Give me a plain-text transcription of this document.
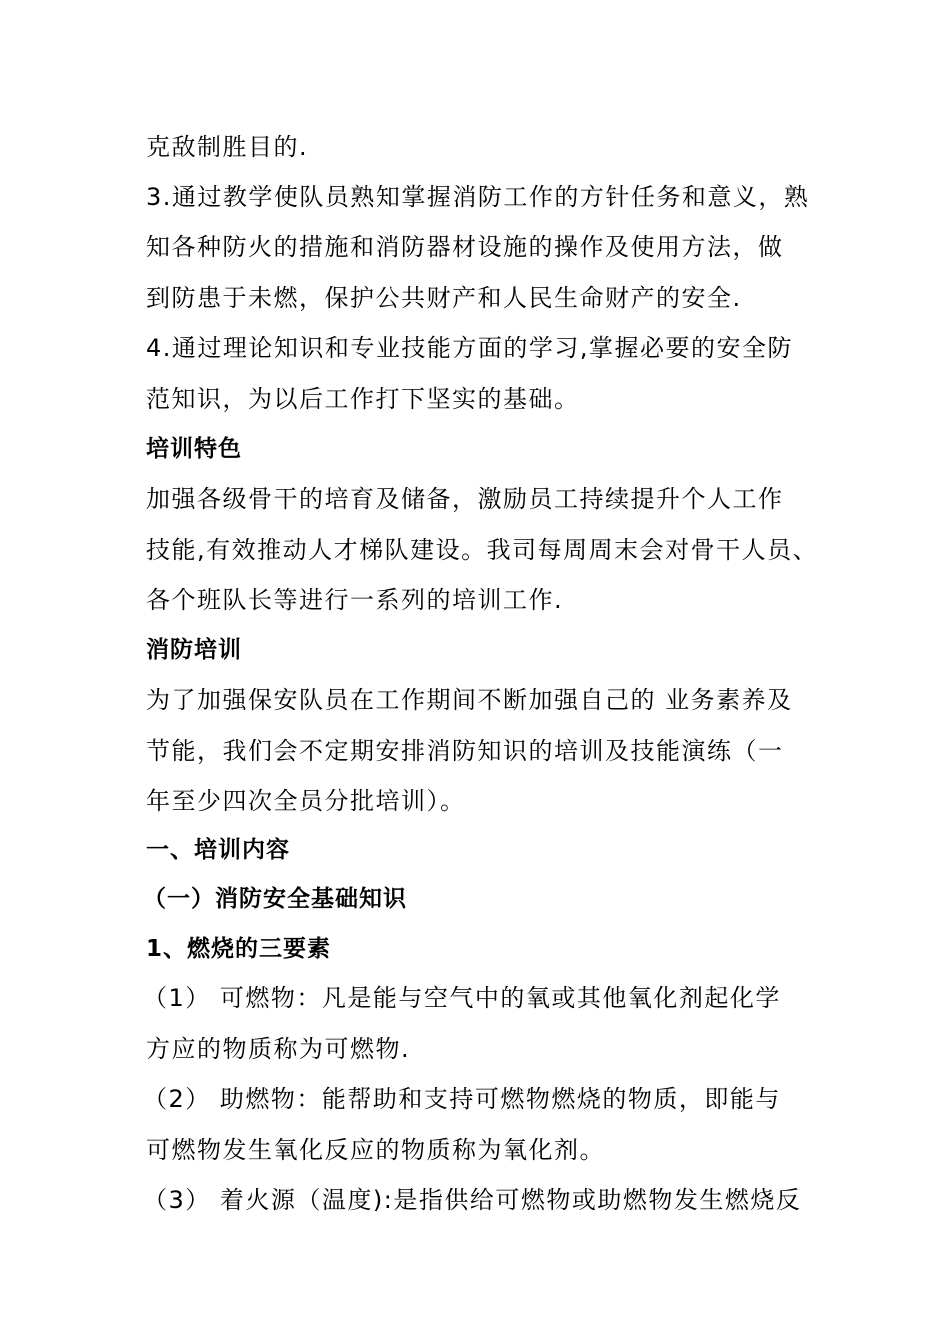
克敌制胜目的.
3.通过教学使队员熟知掌握消防工作的方针任务和意义，熟
知各种防火的措施和消防器材设施的操作及使用方法，做
到防患于未燃，保护公共财产和人民生命财产的安全.
4.通过理论知识和专业技能方面的学习,掌握必要的安全防
范知识，为以后工作打下坚实的基础。
培训特色
加强各级骨干的培育及储备，激励员工持续提升个人工作
技能,有效推动人才梯队建设。我司每周周末会对骨干人员、
各个班队长等进行一系列的培训工作.
消防培训
为了加强保安队员在工作期间不断加强自己的 业务素养及
节能，我们会不定期安排消防知识的培训及技能演练（一
年至少四次全员分批培训）。
一、培训内容
（一）消防安全基础知识
1、燃烧的三要素
（1） 可燃物：凡是能与空气中的氧或其他氧化剂起化学
方应的物质称为可燃物.
（2） 助燃物：能帮助和支持可燃物燃烧的物质，即能与
可燃物发生氧化反应的物质称为氧化剂。
（3） 着火源（温度):是指供给可燃物或助燃物发生燃烧反
